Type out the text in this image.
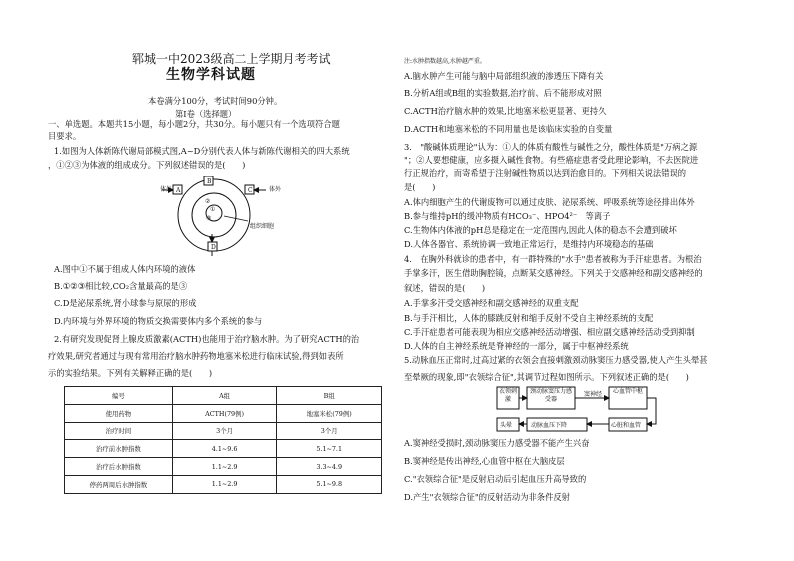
郓城一中2023级高二上学期月考考试
生物学科试题
本卷满分100分，考试时间90分钟。
第Ⅰ卷（选择题）
一、单选题。本题共15小题，每小题2分，共30分。每小题只有一个选项符合题
目要求。
1.如图为人体新陈代谢局部模式图,A~D分别代表人体与新陈代谢相关的四大系统
，①②③为体液的组成成分。下列叙述错误的是(　　)
体外 A
B
C	体外
D
②
①
③
组织细胞
A.图中①不属于组成人体内环境的液体
B.①②③相比较,CO₂含量最高的是③
C.D是泌尿系统,肾小球参与原尿的形成
D.内环境与外界环境的物质交换需要体内多个系统的参与
2.有研究发现促肾上腺皮质激素(ACTH)也能用于治疗脑水肿。为了研究ACTH的治
疗效果,研究者通过与现有常用治疗脑水肿药物地塞米松进行临床试验,得到如表所
示的实验结果。下列有关解释正确的是(　　)
编号	A组	B组
使用药物	ACTH(79例)	地塞米松(79例)
治疗时间	3个月	3个月
治疗前水肿指数	4.1~9.6	5.1~7.1
治疗后水肿指数	1.1~2.9	3.3~4.9
停药两周后水肿指数	1.1~2.9	5.1~9.8
注:水肿指数越高,水肿越严重。
A.脑水肿产生可能与脑中局部组织液的渗透压下降有关
B.分析A组或B组的实验数据,治疗前、后不能形成对照
C.ACTH治疗脑水肿的效果,比地塞米松更显著、更持久
D.ACTH和地塞米松的不同用量也是该临床实验的自变量
3.　"酸碱体质理论"认为：①人的体质有酸性与碱性之分，酸性体质是"万病之源
"；②人要想健康，应多摄入碱性食物。有些癌症患者受此理论影响，不去医院进
行正规治疗，而寄希望于注射碱性物质以达到治愈目的。下列相关说法错误的
是(　　)
A.体内细胞产生的代谢废物可以通过皮肤、泌尿系统、呼吸系统等途径排出体外
B.参与维持pH的缓冲物质有HCO₃⁻、HPO4²⁻　等离子
C.生物体内体液的pH总是稳定在一定范围内,因此人体的稳态不会遭到破坏
D.人体各器官、系统协调一致地正常运行，是维持内环境稳态的基础
4.　在胸外科就诊的患者中，有一群特殊的"水手"患者被称为手汗症患者。为根治
手掌多汗，医生借助胸腔镜，点断某交感神经。下列关于交感神经和副交感神经的
叙述，错误的是(　　)
A.手掌多汗受交感神经和副交感神经的双重支配
B.与手汗相比，人体的膝跳反射和缩手反射不受自主神经系统的支配
C.手汗症患者可能表现为相应交感神经活动增强、相应副交感神经活动受到抑制
D.人体的自主神经系统是脊神经的一部分，属于中枢神经系统
5.动脉血压正常时,过高过紧的衣领会直接刺激颈动脉窦压力感受器,使人产生头晕甚
至晕厥的现象,即"衣领综合征",其调节过程如图所示。下列叙述正确的是(　　)
衣领刺激
颈动脉窦压力感受器
窦神经	心血管中枢
头晕	动脉血压下降	心脏和血管
A.窦神经受损时,颈动脉窦压力感受器不能产生兴奋
B.窦神经是传出神经,心血管中枢在大脑皮层
C."衣领综合征"是反射启动后引起血压升高导致的
D.产生"衣领综合征"的反射活动为非条件反射
